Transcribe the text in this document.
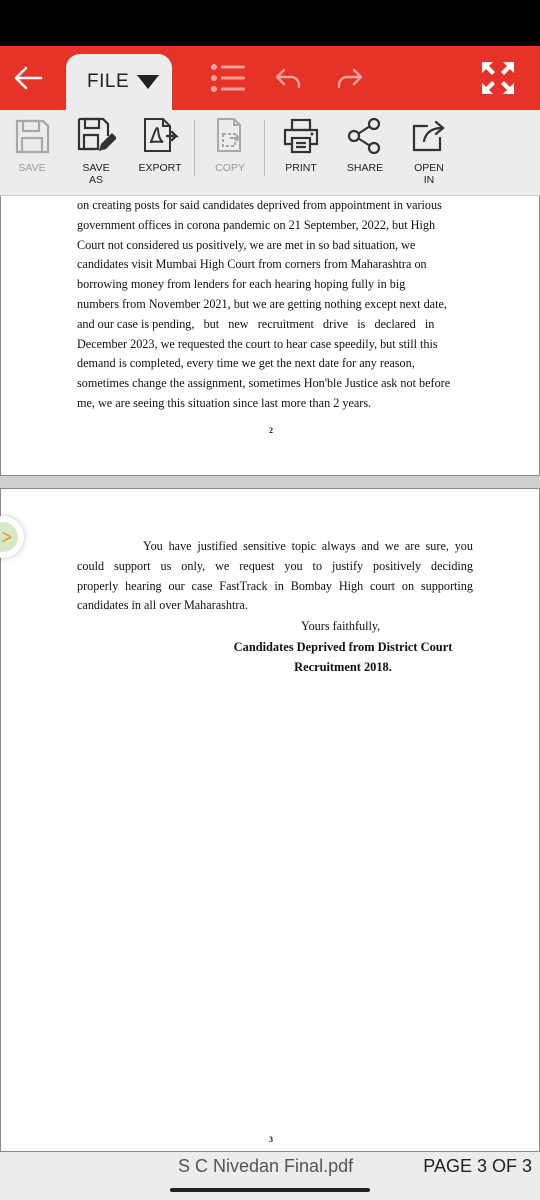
FILE
SAVE	SAVE
AS
EXPORT	COPY	PRINT	SHARE	OPEN
IN
on creating posts for said candidates deprived from appointment in various
government offices in corona pandemic on 21 September, 2022, but High
Court not considered us positively, we are met in so bad situation, we
candidates visit Mumbai High Court from corners from Maharashtra on
borrowing money from lenders for each hearing hoping fully in big
numbers from November 2021, but we are getting nothing except next date,
and our case is pending,   but   new   recruitment   drive   is   declared   in
December 2023, we requested the court to hear case speedily, but still this
demand is completed, every time we get the next date for any reason,
sometimes change the assignment, sometimes Hon'ble Justice ask not before
me, we are seeing this situation since last more than 2 years.
2
You have justified sensitive topic always and we are sure, you
could support us only, we request you to justify positively deciding
properly hearing our case FastTrack in Bombay High court on supporting
candidates in all over Maharashtra.
Yours faithfully,
Candidates Deprived from District Court
Recruitment 2018.
3
ᐳ
S C Nivedan Final.pdf	PAGE 3 OF 3
